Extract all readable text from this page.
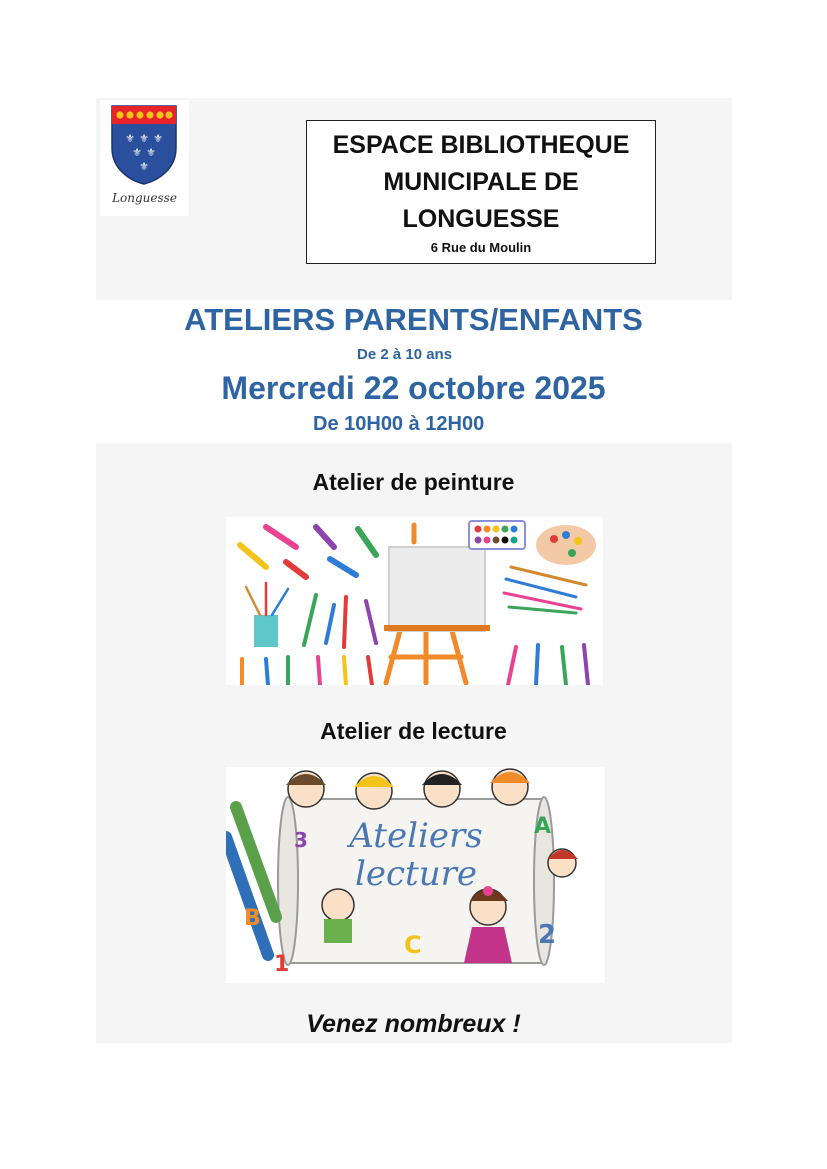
⚜ ⚜ ⚜
⚜ ⚜
⚜
Longuesse
ESPACE BIBLIOTHEQUE
MUNICIPALE DE
LONGUESSE
6 Rue du Moulin
ATELIERS PARENTS/ENFANTS
De 2 à 10 ans
Mercredi 22 octobre 2025
De 10H00 à 12H00
Atelier de peinture
Atelier de lecture
Ateliers
lecture
3
A
B
C	2
1
Venez nombreux !
